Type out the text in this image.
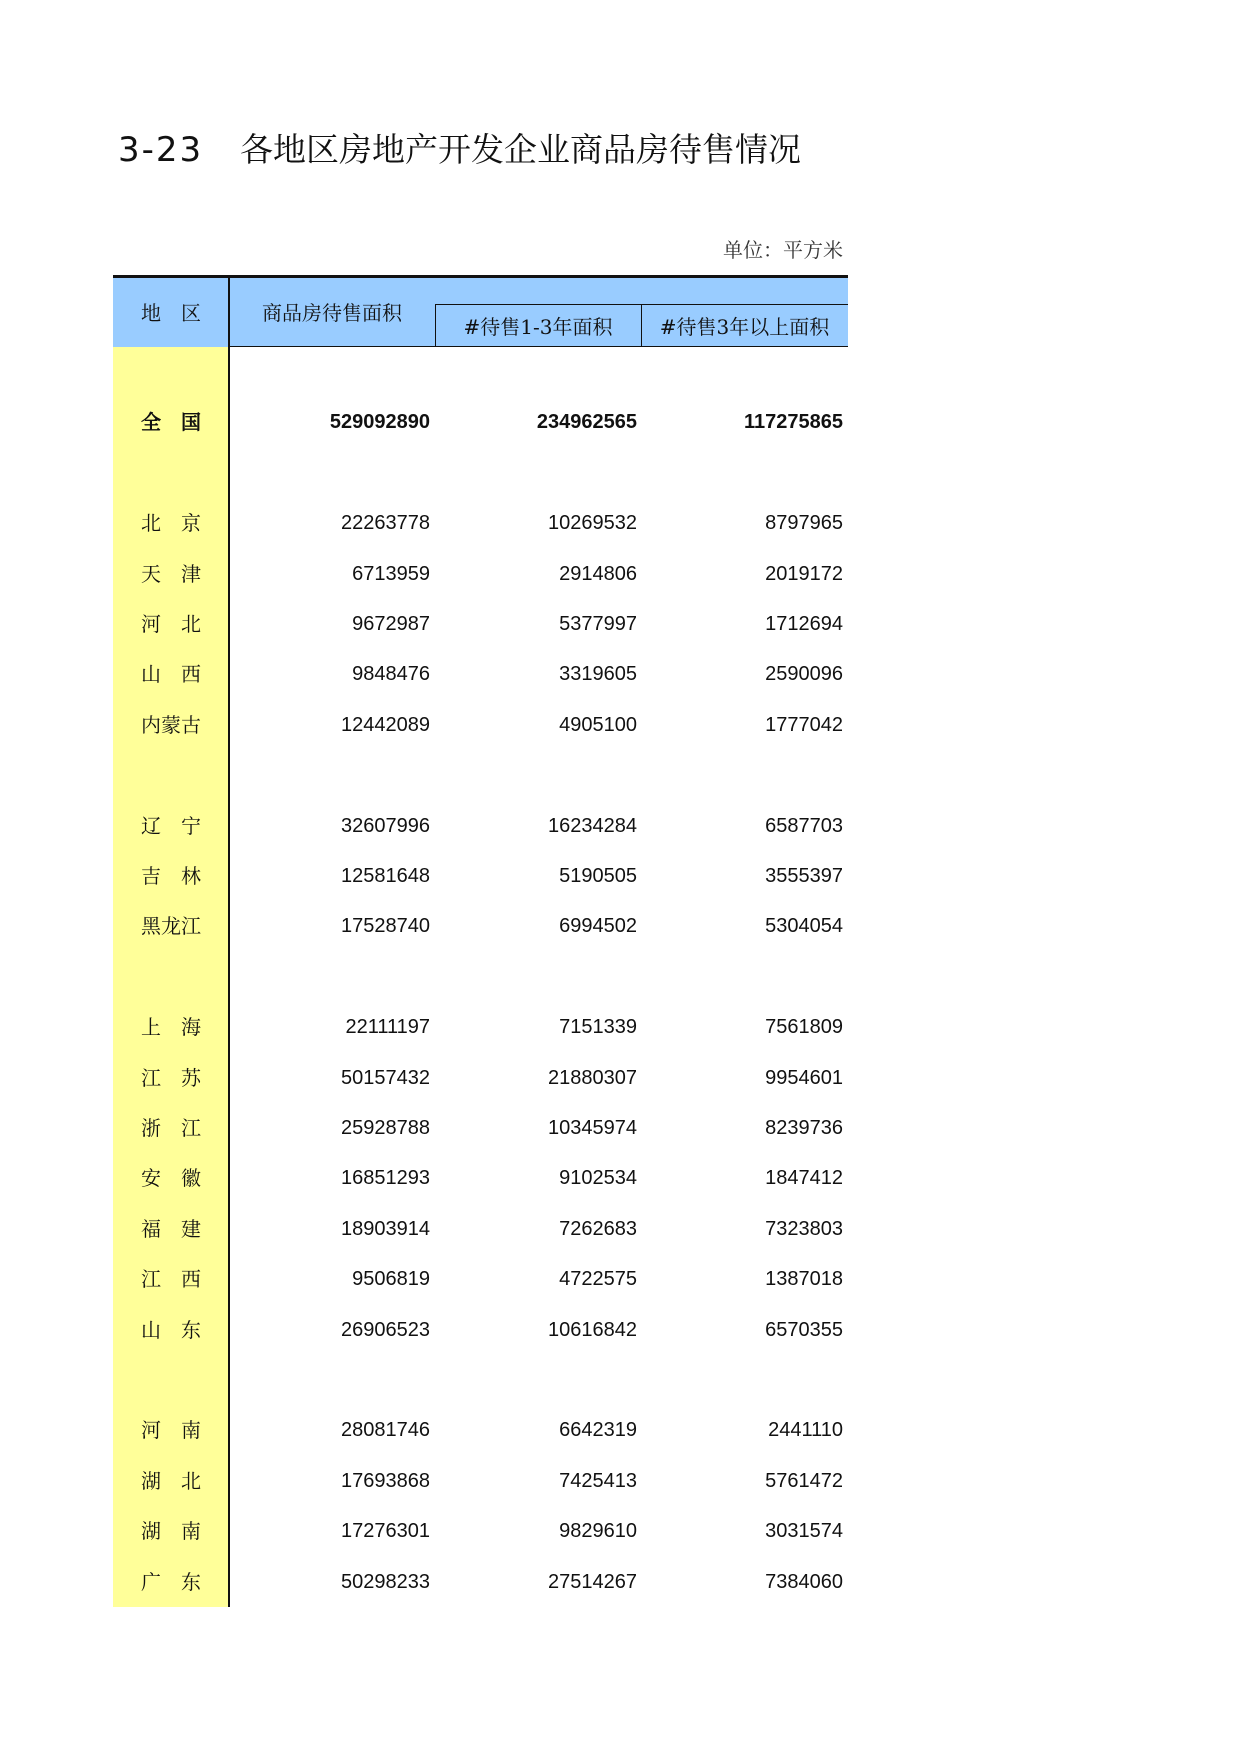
3-23 各地区房地产开发企业商品房待售情况
单位：平方米
地　区	商品房待售面积
#待售1-3年面积	#待售3年以上面积
全　国	529092890	234962565	117275865
北　京	22263778	10269532	8797965
天　津	6713959	2914806	2019172
河　北	9672987	5377997	1712694
山　西	9848476	3319605	2590096
内蒙古	12442089	4905100	1777042
辽　宁	32607996	16234284	6587703
吉　林	12581648	5190505	3555397
黑龙江	17528740	6994502	5304054
上　海	22111197	7151339	7561809
江　苏	50157432	21880307	9954601
浙　江	25928788	10345974	8239736
安　徽	16851293	9102534	1847412
福　建	18903914	7262683	7323803
江　西	9506819	4722575	1387018
山　东	26906523	10616842	6570355
河　南	28081746	6642319	2441110
湖　北	17693868	7425413	5761472
湖　南	17276301	9829610	3031574
广　东	50298233	27514267	7384060
